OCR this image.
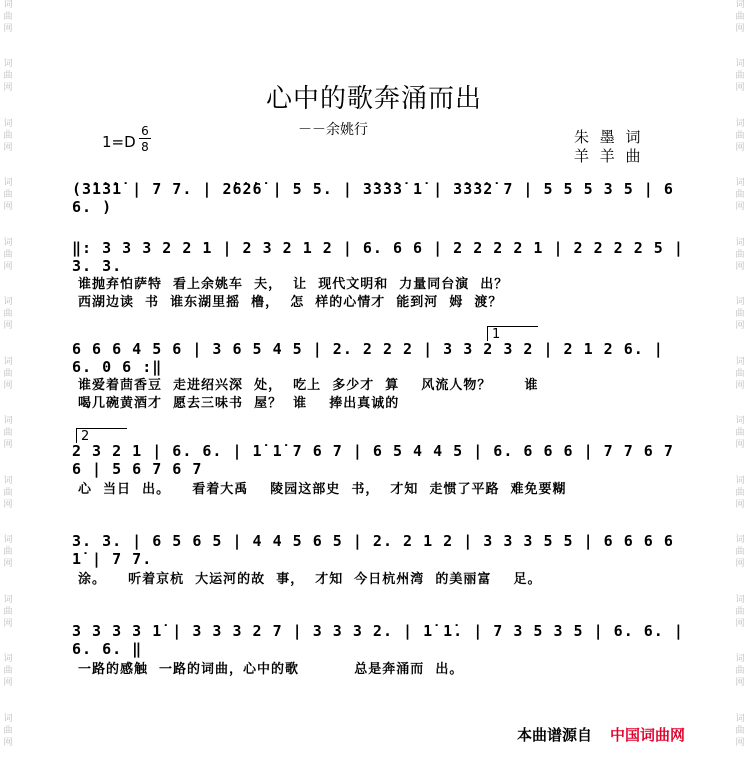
词
曲
网
词
曲
网
词
曲
网
词
曲
网
词
曲
网
词
曲
网
词
曲
网
词
曲
网
词
曲
网
词
曲
网
词
曲
网
词
曲
网
词
曲
网
词
曲
网
词
曲
网
词
曲
网
词
曲
网
词
曲
网
词
曲
网
词
曲
网
词
曲
网
词
曲
网
词
曲
网
词
曲
网
词
曲
网
词
曲
网
心中的歌奔涌而出
－－余姚行
1=D
6
8
朱 墨 词
羊 羊 曲
(3̇1̇3̇1̇ | 7 7. | 2̇6̇2̇6̇ | 5 5. | 3̇3̇3̇3̇ 1̇ | 3̇3̇3̇2̇ 7 | 5 5 5 3 5 | 6 6. )
‖: 3 3 3 2 2 1 | 2 3 2 1 2 | 6. 6 6 | 2 2 2 2 1 | 2 2 2 2 5 | 3. 3.
谁抛弃怕萨特  看上余姚车  夫，  让  现代文明和  力量同台演  出？
西湖边读  书  谁东湖里摇  橹，  怎  样的心情才  能到河  姆  渡？
1
6 6 6 4 5 6 | 3 6 5 4 5 | 2. 2 2 2 | 3 3 2 3 2 | 2 1 2 6. | 6. 0 6 :‖
谁爱着茴香豆  走进绍兴深  处，  吃上  多少才  算    风流人物？      谁
喝几碗黄酒才  愿去三味书  屋？  谁    捧出真诚的
2
2 3 2 1 | 6. 6. | 1̇ 1̇ 7 6 7 | 6 5 4 4 5 | 6. 6 6 6 | 7 7 6 7 6 | 5 6 7 6 7
心  当日  出。    看着大禹    陵园这部史  书，  才知  走惯了平路  难免要糊
3. 3. | 6 5 6 5 | 4 4 5 6 5 | 2. 2 1 2 | 3 3 3 5 5 | 6 6 6 6 1̇ | 7 7.
涂。    听着京杭  大运河的故  事，  才知  今日杭州湾  的美丽富    足。
3 3 3 3 1̇ | 3 3 3 2 7 | 3 3 3 2. | 1̇ 1̇. | 7 3 5 3 5 | 6. 6. | 6. 6. ‖
一路的感触  一路的词曲，心中的歌          总是奔涌而  出。
本曲谱源自 中国词曲网
